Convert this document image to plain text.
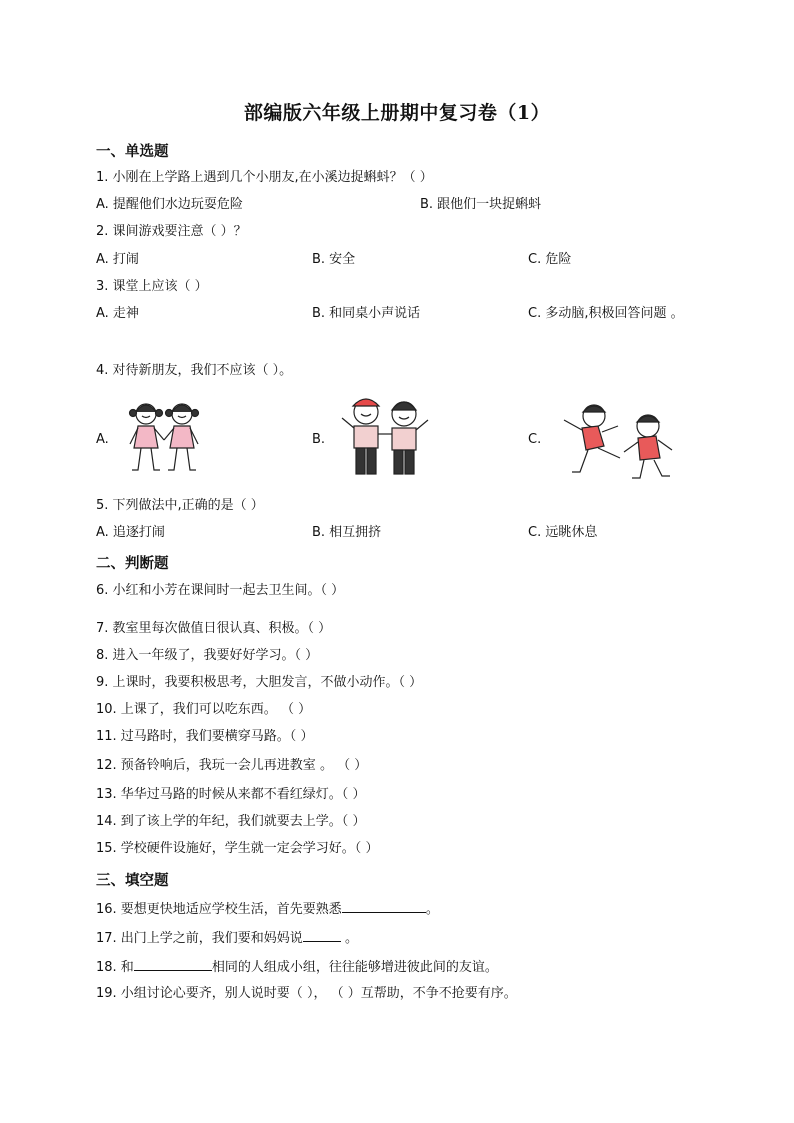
部编版六年级上册期中复习卷（1）
一、单选题
1. 小刚在上学路上遇到几个小朋友,在小溪边捉蝌蚪？（ ）
A. 提醒他们水边玩耍危险	B. 跟他们一块捉蝌蚪
2. 课间游戏要注意（ ）？
A. 打闹	B. 安全	C. 危险
3. 课堂上应该（ ）
A. 走神	B. 和同桌小声说话	C. 多动脑,积极回答问题 。
4. 对待新朋友，我们不应该（ ）。
A.	B.	C.
5. 下列做法中,正确的是（ ）
A. 追逐打闹	B. 相互拥挤	C. 远眺休息
二、判断题
6. 小红和小芳在课间时一起去卫生间。（ ）
7. 教室里每次做值日很认真、积极。（ ）
8. 进入一年级了，我要好好学习。（ ）
9. 上课时，我要积极思考，大胆发言，不做小动作。（ ）
10. 上课了，我们可以吃东西。 （ ）
11. 过马路时，我们要横穿马路。（ ）
12. 预备铃响后，我玩一会儿再进教室 。 （ ）
13. 华华过马路的时候从来都不看红绿灯。（ ）
14. 到了该上学的年纪，我们就要去上学。（ ）
15. 学校硬件设施好，学生就一定会学习好。（ ）
三、填空题
16. 要想更快地适应学校生活，首先要熟悉	。
17. 出门上学之前，我们要和妈妈说	。
18. 和	相同的人组成小组，往往能够增进彼此间的友谊。
19. 小组讨论心要齐，别人说时要（ ）， （ ）互帮助，不争不抢要有序。
